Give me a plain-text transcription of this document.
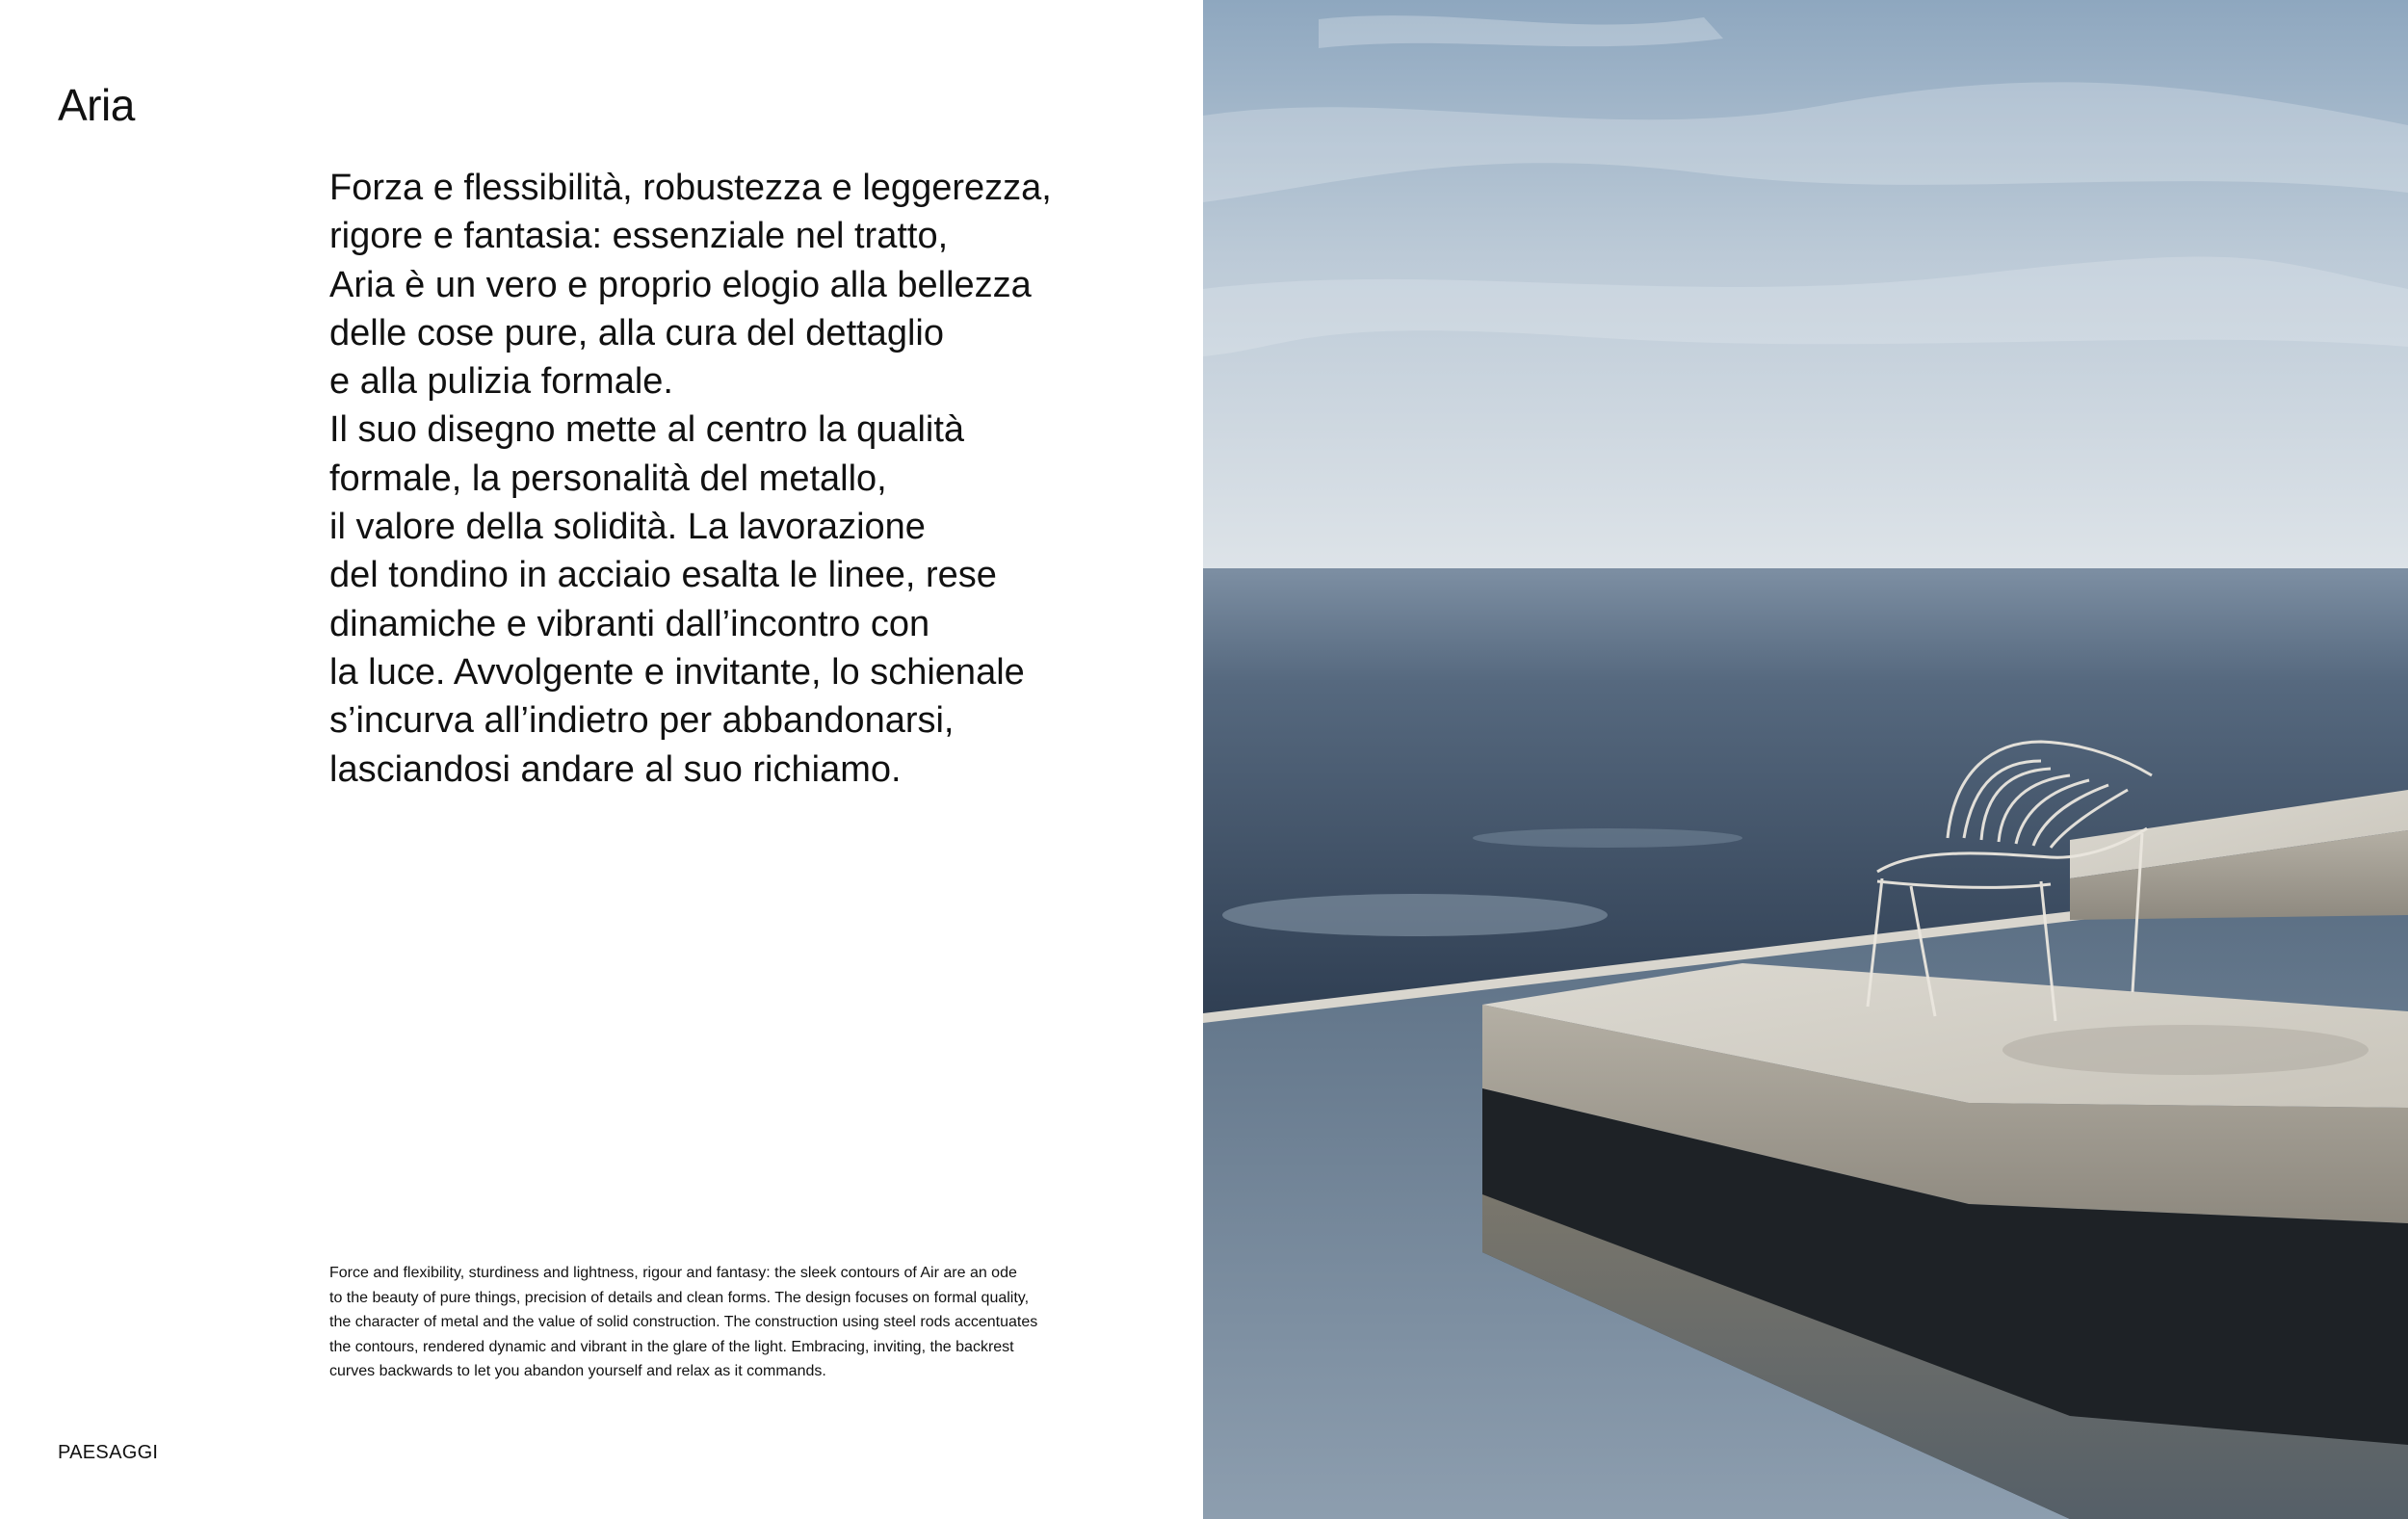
Aria

Forza e flessibilità, robustezza e leggerezza,
rigore e fantasia: essenziale nel tratto,
Aria è un vero e proprio elogio alla bellezza
delle cose pure, alla cura del dettaglio
e alla pulizia formale.
Il suo disegno mette al centro la qualità
formale, la personalità del metallo,
il valore della solidità. La lavorazione
del tondino in acciaio esalta le linee, rese
dinamiche e vibranti dall’incontro con
la luce. Avvolgente e invitante, lo schienale
s’incurva all’indietro per abbandonarsi,
lasciandosi andare al suo richiamo.

Force and flexibility, sturdiness and lightness, rigour and fantasy: the sleek contours of Air are an ode
to the beauty of pure things, precision of details and clean forms. The design focuses on formal quality,
the character of metal and the value of solid construction. The construction using steel rods accentuates
the contours, rendered dynamic and vibrant in the glare of the light. Embracing, inviting, the backrest
curves backwards to let you abandon yourself and relax as it commands.

PAESAGGI
